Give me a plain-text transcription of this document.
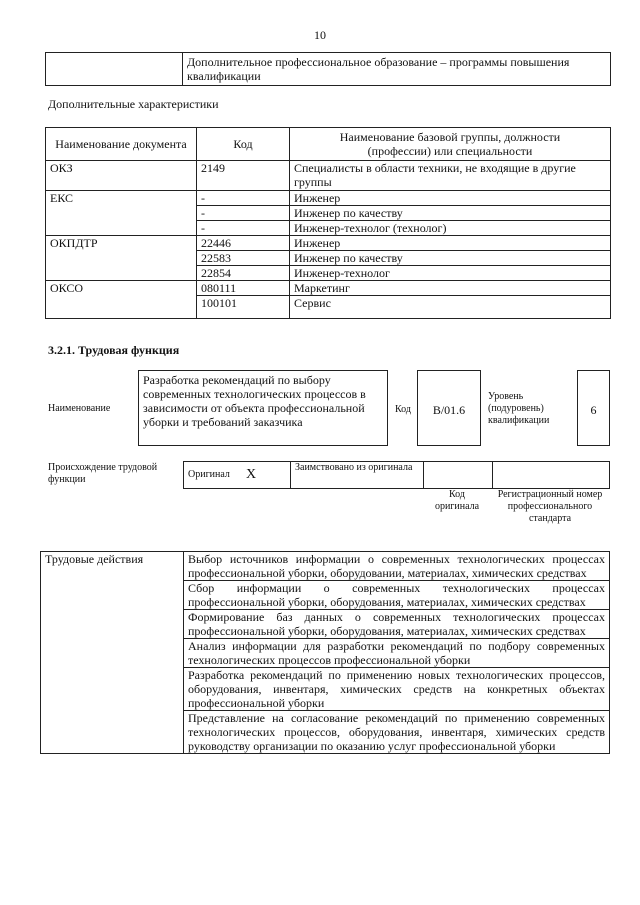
10
	Дополнительное профессиональное образование – программы повышения квалификации
Дополнительные характеристики
Наименование документа	Код	Наименование базовой группы, должности (профессии) или специальности
ОКЗ	2149	Специалисты в области техники, не входящие в другие группы
ЕКС	-	Инженер
	-	Инженер по качеству
	-	Инженер-технолог (технолог)
ОКПДТР	22446	Инженер
	22583	Инженер по качеству
	22854	Инженер-технолог
ОКСО	080111	Маркетинг
	100101	Сервис
3.2.1. Трудовая функция
Наименование
Разработка рекомендаций по выбору современных технологических процессов в зависимости от объекта профессиональной уборки и требований заказчика
Код	B/01.6
Уровень (подуровень) квалификации
6
Происхождение трудовой функции	Оригинал	X	Заимствовано из оригинала		
Код оригинала
Регистрационный номер профессионального стандарта
Трудовые действия	Выбор источников информации о современных технологических процессах профессиональной уборки, оборудовании, материалах, химических средствах
Сбор информации о современных технологических процессах профессиональной уборки, оборудования, материалах, химических средствах
Формирование баз данных о современных технологических процессах профессиональной уборки, оборудования, материалах, химических средствах
Анализ информации для разработки рекомендаций по подбору современных технологических процессов профессиональной уборки
Разработка рекомендаций по применению новых технологических процессов, оборудования, инвентаря, химических средств на конкретных объектах профессиональной уборки
Представление на согласование рекомендаций по применению современных технологических процессов, оборудования, инвентаря, химических средств руководству организации по оказанию услуг профессиональной уборки
